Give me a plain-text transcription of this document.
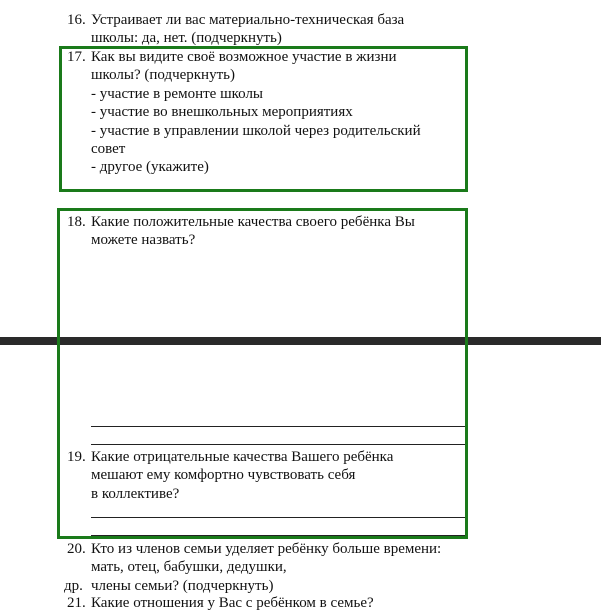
16. Устраивает ли вас материально-техническая база
школы: да, нет. (подчеркнуть)
17. Как вы видите своё возможное участие в жизни
школы? (подчеркнуть)
- участие в ремонте школы
- участие во внешкольных мероприятиях
- участие в управлении школой через родительский
совет
- другое (укажите)
18. Какие положительные качества своего ребёнка Вы
можете назвать?
19. Какие отрицательные качества Вашего ребёнка
мешают ему комфортно чувствовать себя
в коллективе?
20. Кто из членов семьи уделяет ребёнку больше времени:
мать, отец, бабушки, дедушки,
др. члены семьи? (подчеркнуть)
21. Какие отношения у Вас с ребёнком в семье?
